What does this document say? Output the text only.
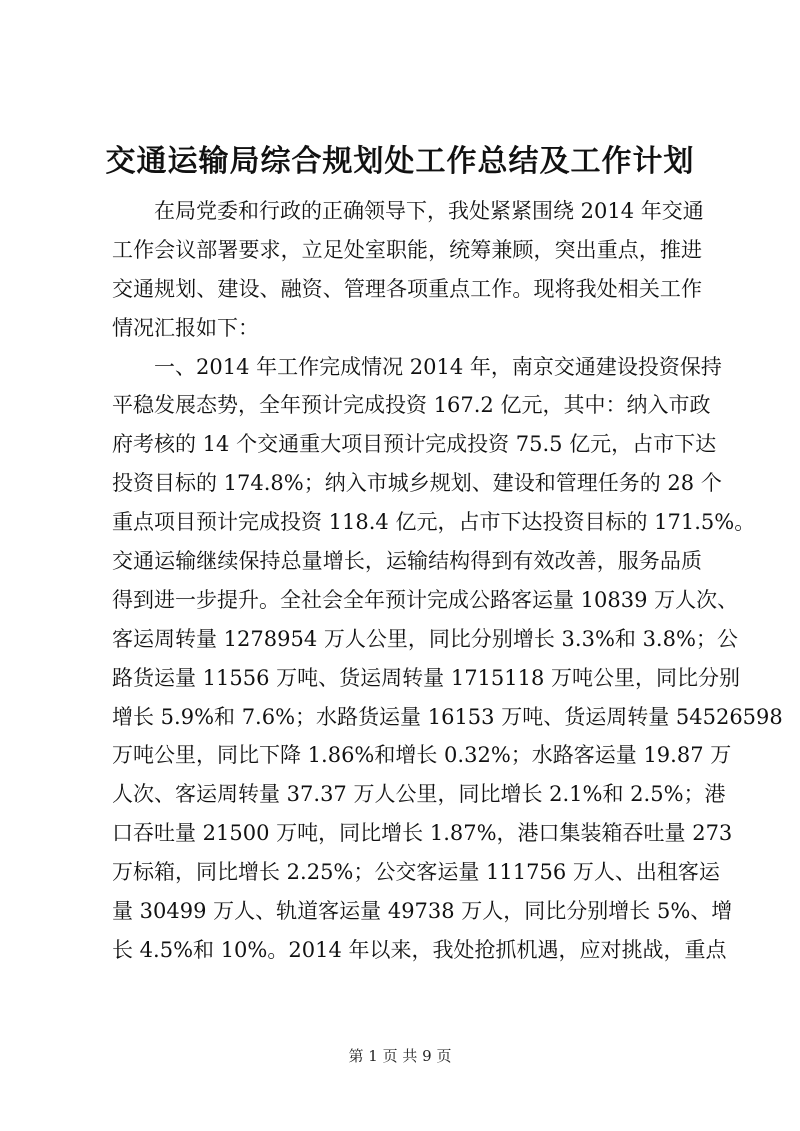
交通运输局综合规划处工作总结及工作计划
　　在局党委和行政的正确领导下，我处紧紧围绕 2014 年交通
工作会议部署要求，立足处室职能，统筹兼顾，突出重点，推进
交通规划、建设、融资、管理各项重点工作。现将我处相关工作
情况汇报如下：
　　一、2014 年工作完成情况 2014 年，南京交通建设投资保持
平稳发展态势，全年预计完成投资 167.2 亿元，其中：纳入市政
府考核的 14 个交通重大项目预计完成投资 75.5 亿元，占市下达
投资目标的 174.8%；纳入市城乡规划、建设和管理任务的 28 个
重点项目预计完成投资 118.4 亿元，占市下达投资目标的 171.5%。
交通运输继续保持总量增长，运输结构得到有效改善，服务品质
得到进一步提升。全社会全年预计完成公路客运量 10839 万人次、
客运周转量 1278954 万人公里，同比分别增长 3.3%和 3.8%；公
路货运量 11556 万吨、货运周转量 1715118 万吨公里，同比分别
增长 5.9%和 7.6%；水路货运量 16153 万吨、货运周转量 54526598
万吨公里，同比下降 1.86%和增长 0.32%；水路客运量 19.87 万
人次、客运周转量 37.37 万人公里，同比增长 2.1%和 2.5%；港
口吞吐量 21500 万吨，同比增长 1.87%，港口集装箱吞吐量 273
万标箱，同比增长 2.25%；公交客运量 111756 万人、出租客运
量 30499 万人、轨道客运量 49738 万人，同比分别增长 5%、增
长 4.5%和 10%。2014 年以来，我处抢抓机遇，应对挑战，重点
第 1 页 共 9 页
